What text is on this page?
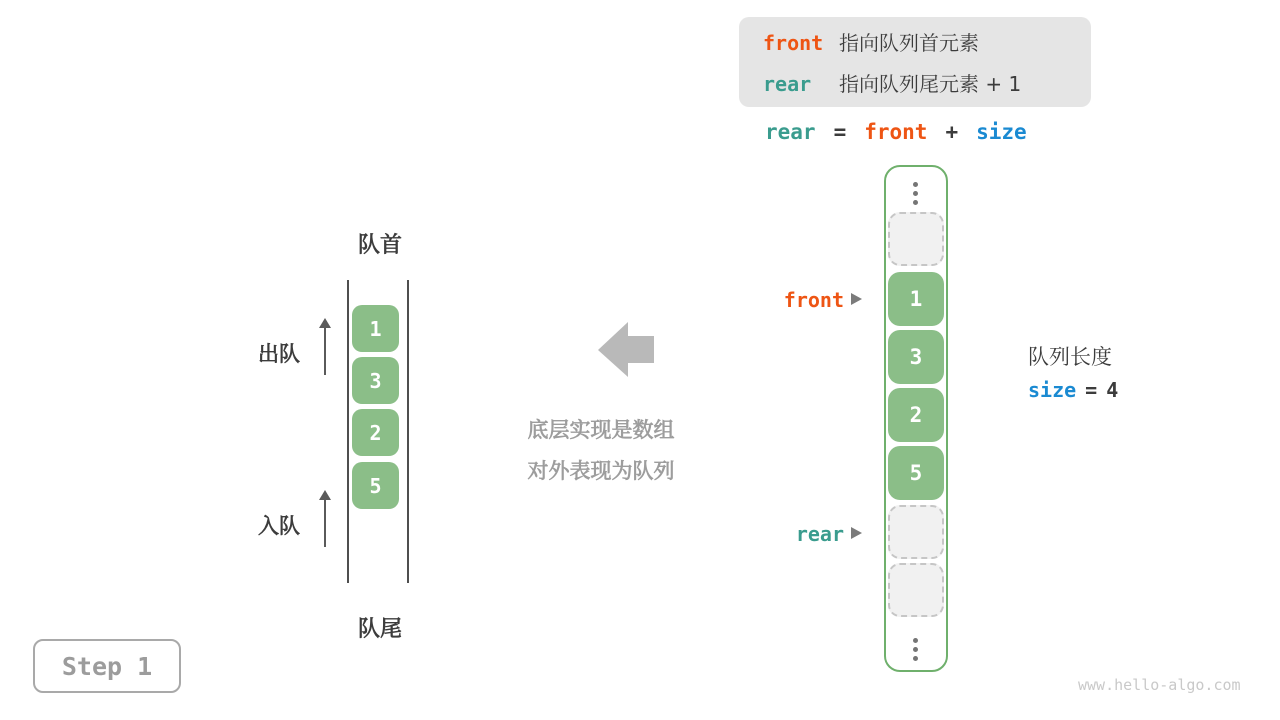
front 指向队列首元素
rear	指向队列尾元素 + 1
rear = front + size
队首
1
3
2
5
队尾
出队
入队
底层实现是数组
对外表现为队列
1
3
2
5
front
rear
队列长度
size = 4
Step 1
www.hello-algo.com
